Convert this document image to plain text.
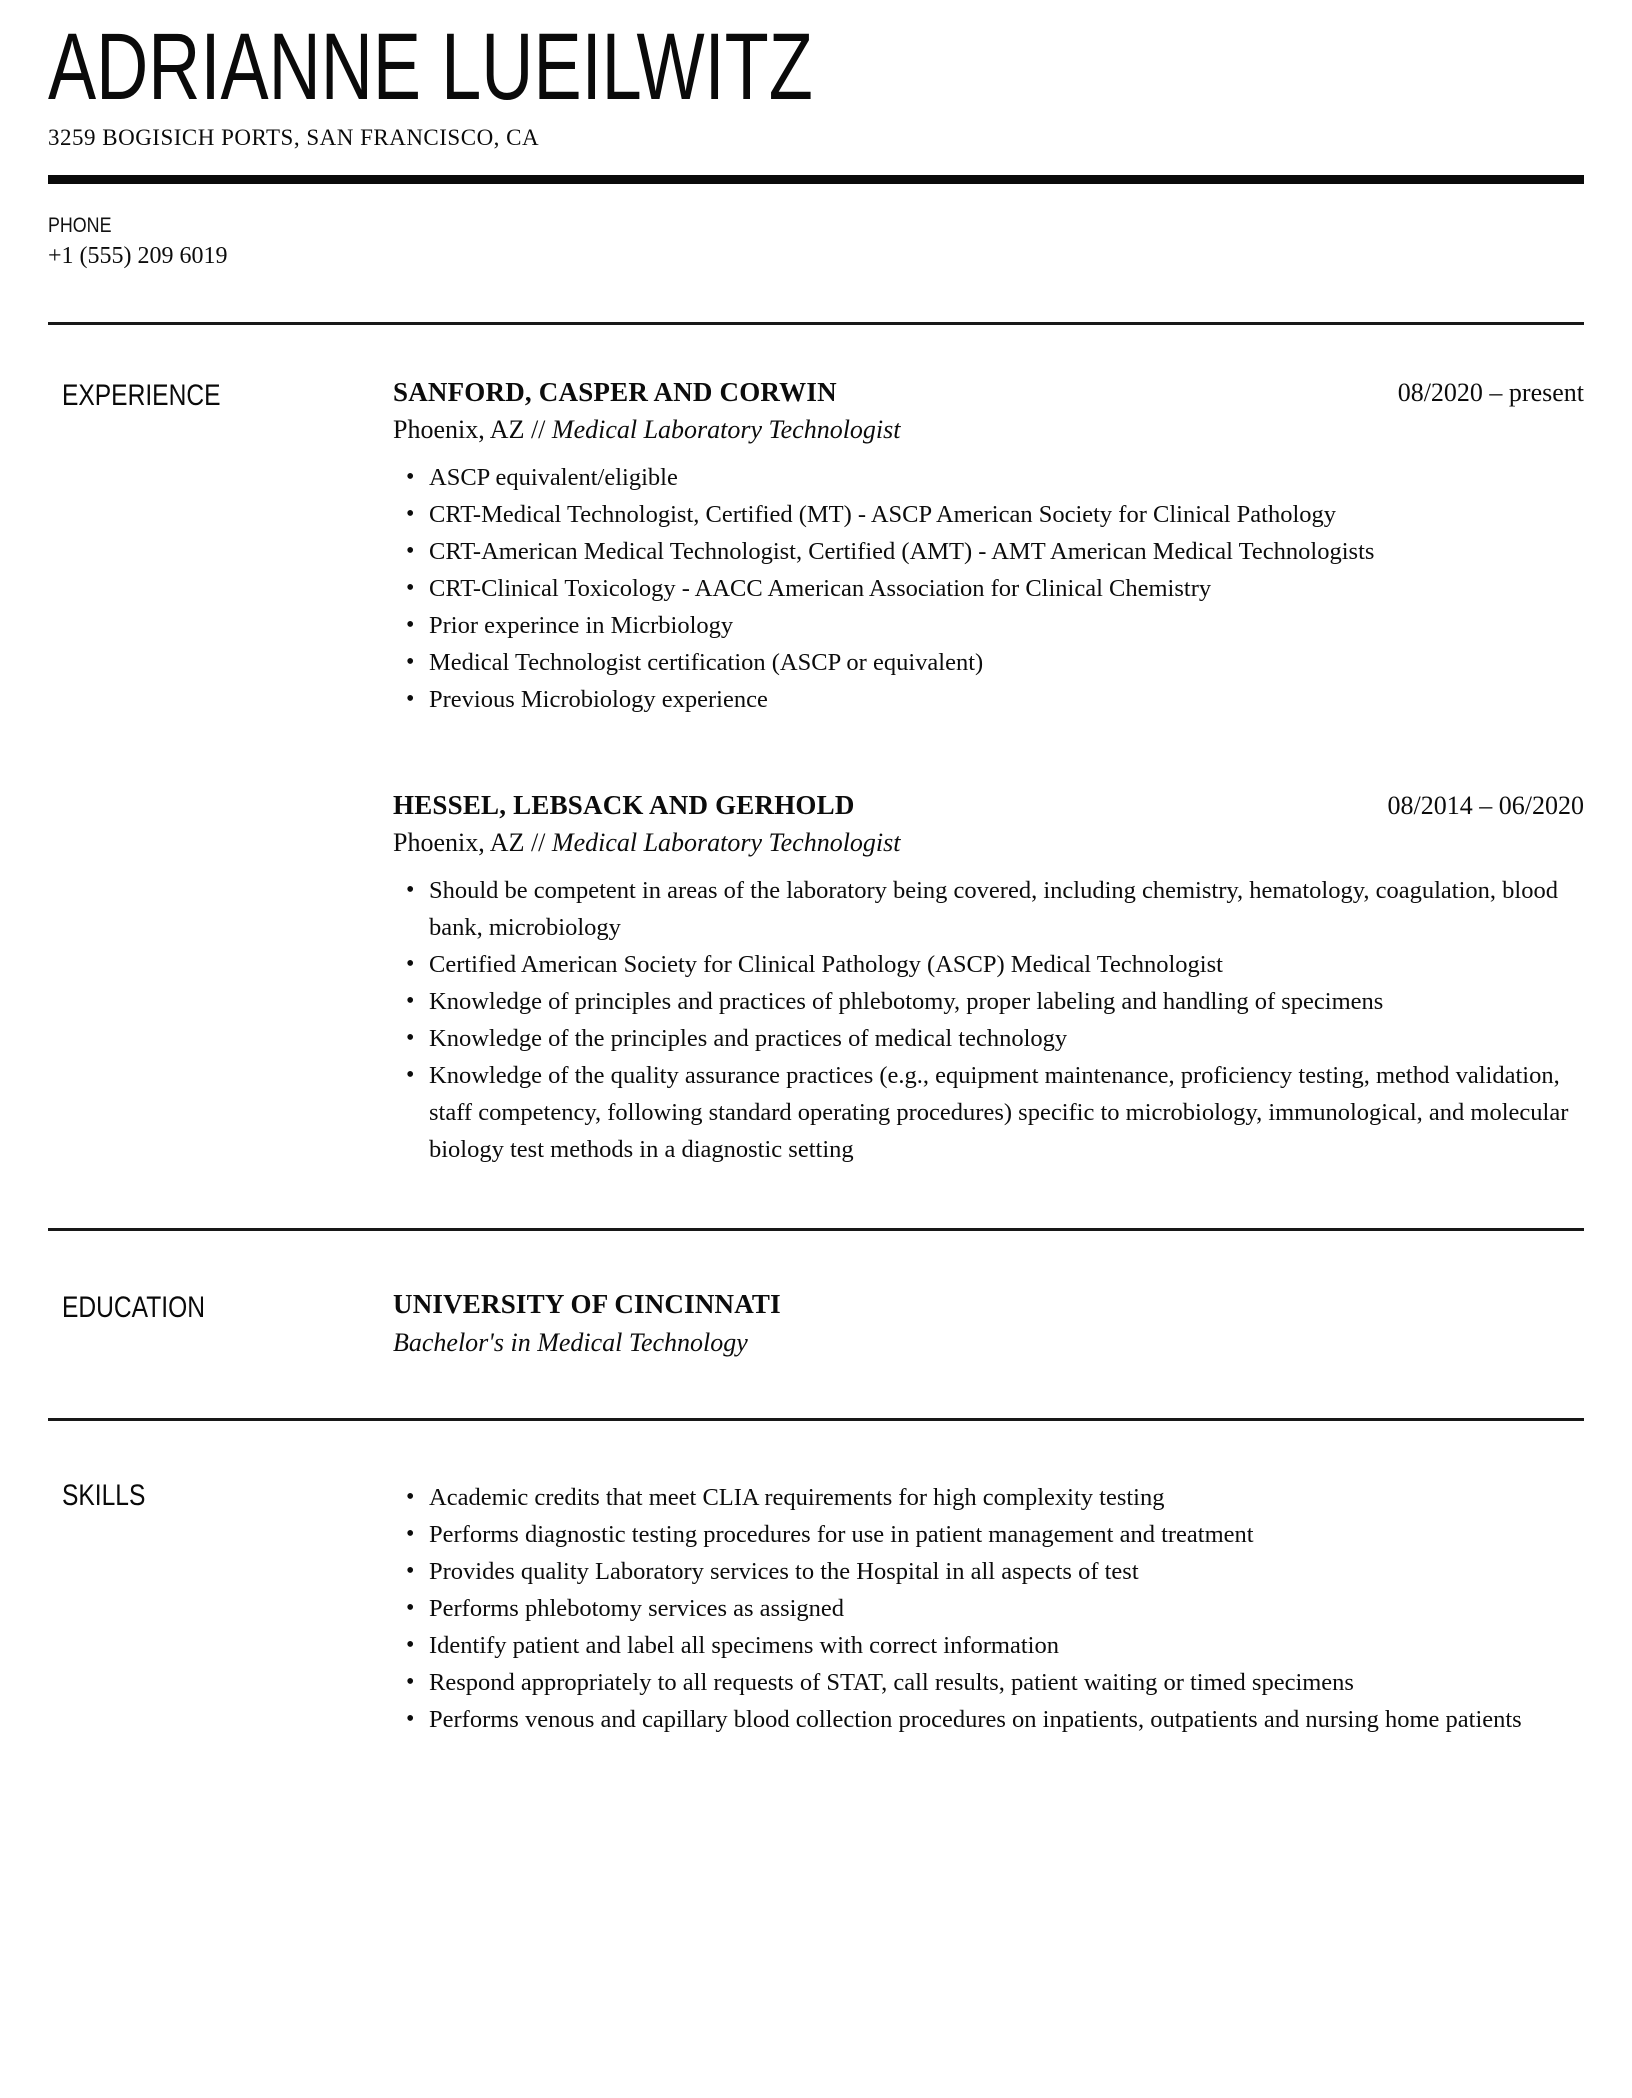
ADRIANNE LUEILWITZ
3259 BOGISICH PORTS, SAN FRANCISCO, CA
PHONE
+1 (555) 209 6019
EXPERIENCE	SANFORD, CASPER AND CORWIN	08/2020 – present
Phoenix, AZ // Medical Laboratory Technologist
• ASCP equivalent/eligible
• CRT-Medical Technologist, Certified (MT) - ASCP American Society for Clinical Pathology
• CRT-American Medical Technologist, Certified (AMT) - AMT American Medical Technologists
• CRT-Clinical Toxicology - AACC American Association for Clinical Chemistry
• Prior experince in Micrbiology
• Medical Technologist certification (ASCP or equivalent)
• Previous Microbiology experience
HESSEL, LEBSACK AND GERHOLD	08/2014 – 06/2020
Phoenix, AZ // Medical Laboratory Technologist
• Should be competent in areas of the laboratory being covered, including chemistry, hematology, coagulation, blood bank, microbiology
• Certified American Society for Clinical Pathology (ASCP) Medical Technologist
• Knowledge of principles and practices of phlebotomy, proper labeling and handling of specimens
• Knowledge of the principles and practices of medical technology
• Knowledge of the quality assurance practices (e.g., equipment maintenance, proficiency testing, method validation, staff competency, following standard operating procedures) specific to microbiology, immunological, and molecular biology test methods in a diagnostic setting
EDUCATION	UNIVERSITY OF CINCINNATI
Bachelor's in Medical Technology
SKILLS	• Academic credits that meet CLIA requirements for high complexity testing
• Performs diagnostic testing procedures for use in patient management and treatment
• Provides quality Laboratory services to the Hospital in all aspects of test
• Performs phlebotomy services as assigned
• Identify patient and label all specimens with correct information
• Respond appropriately to all requests of STAT, call results, patient waiting or timed specimens
• Performs venous and capillary blood collection procedures on inpatients, outpatients and nursing home patients
